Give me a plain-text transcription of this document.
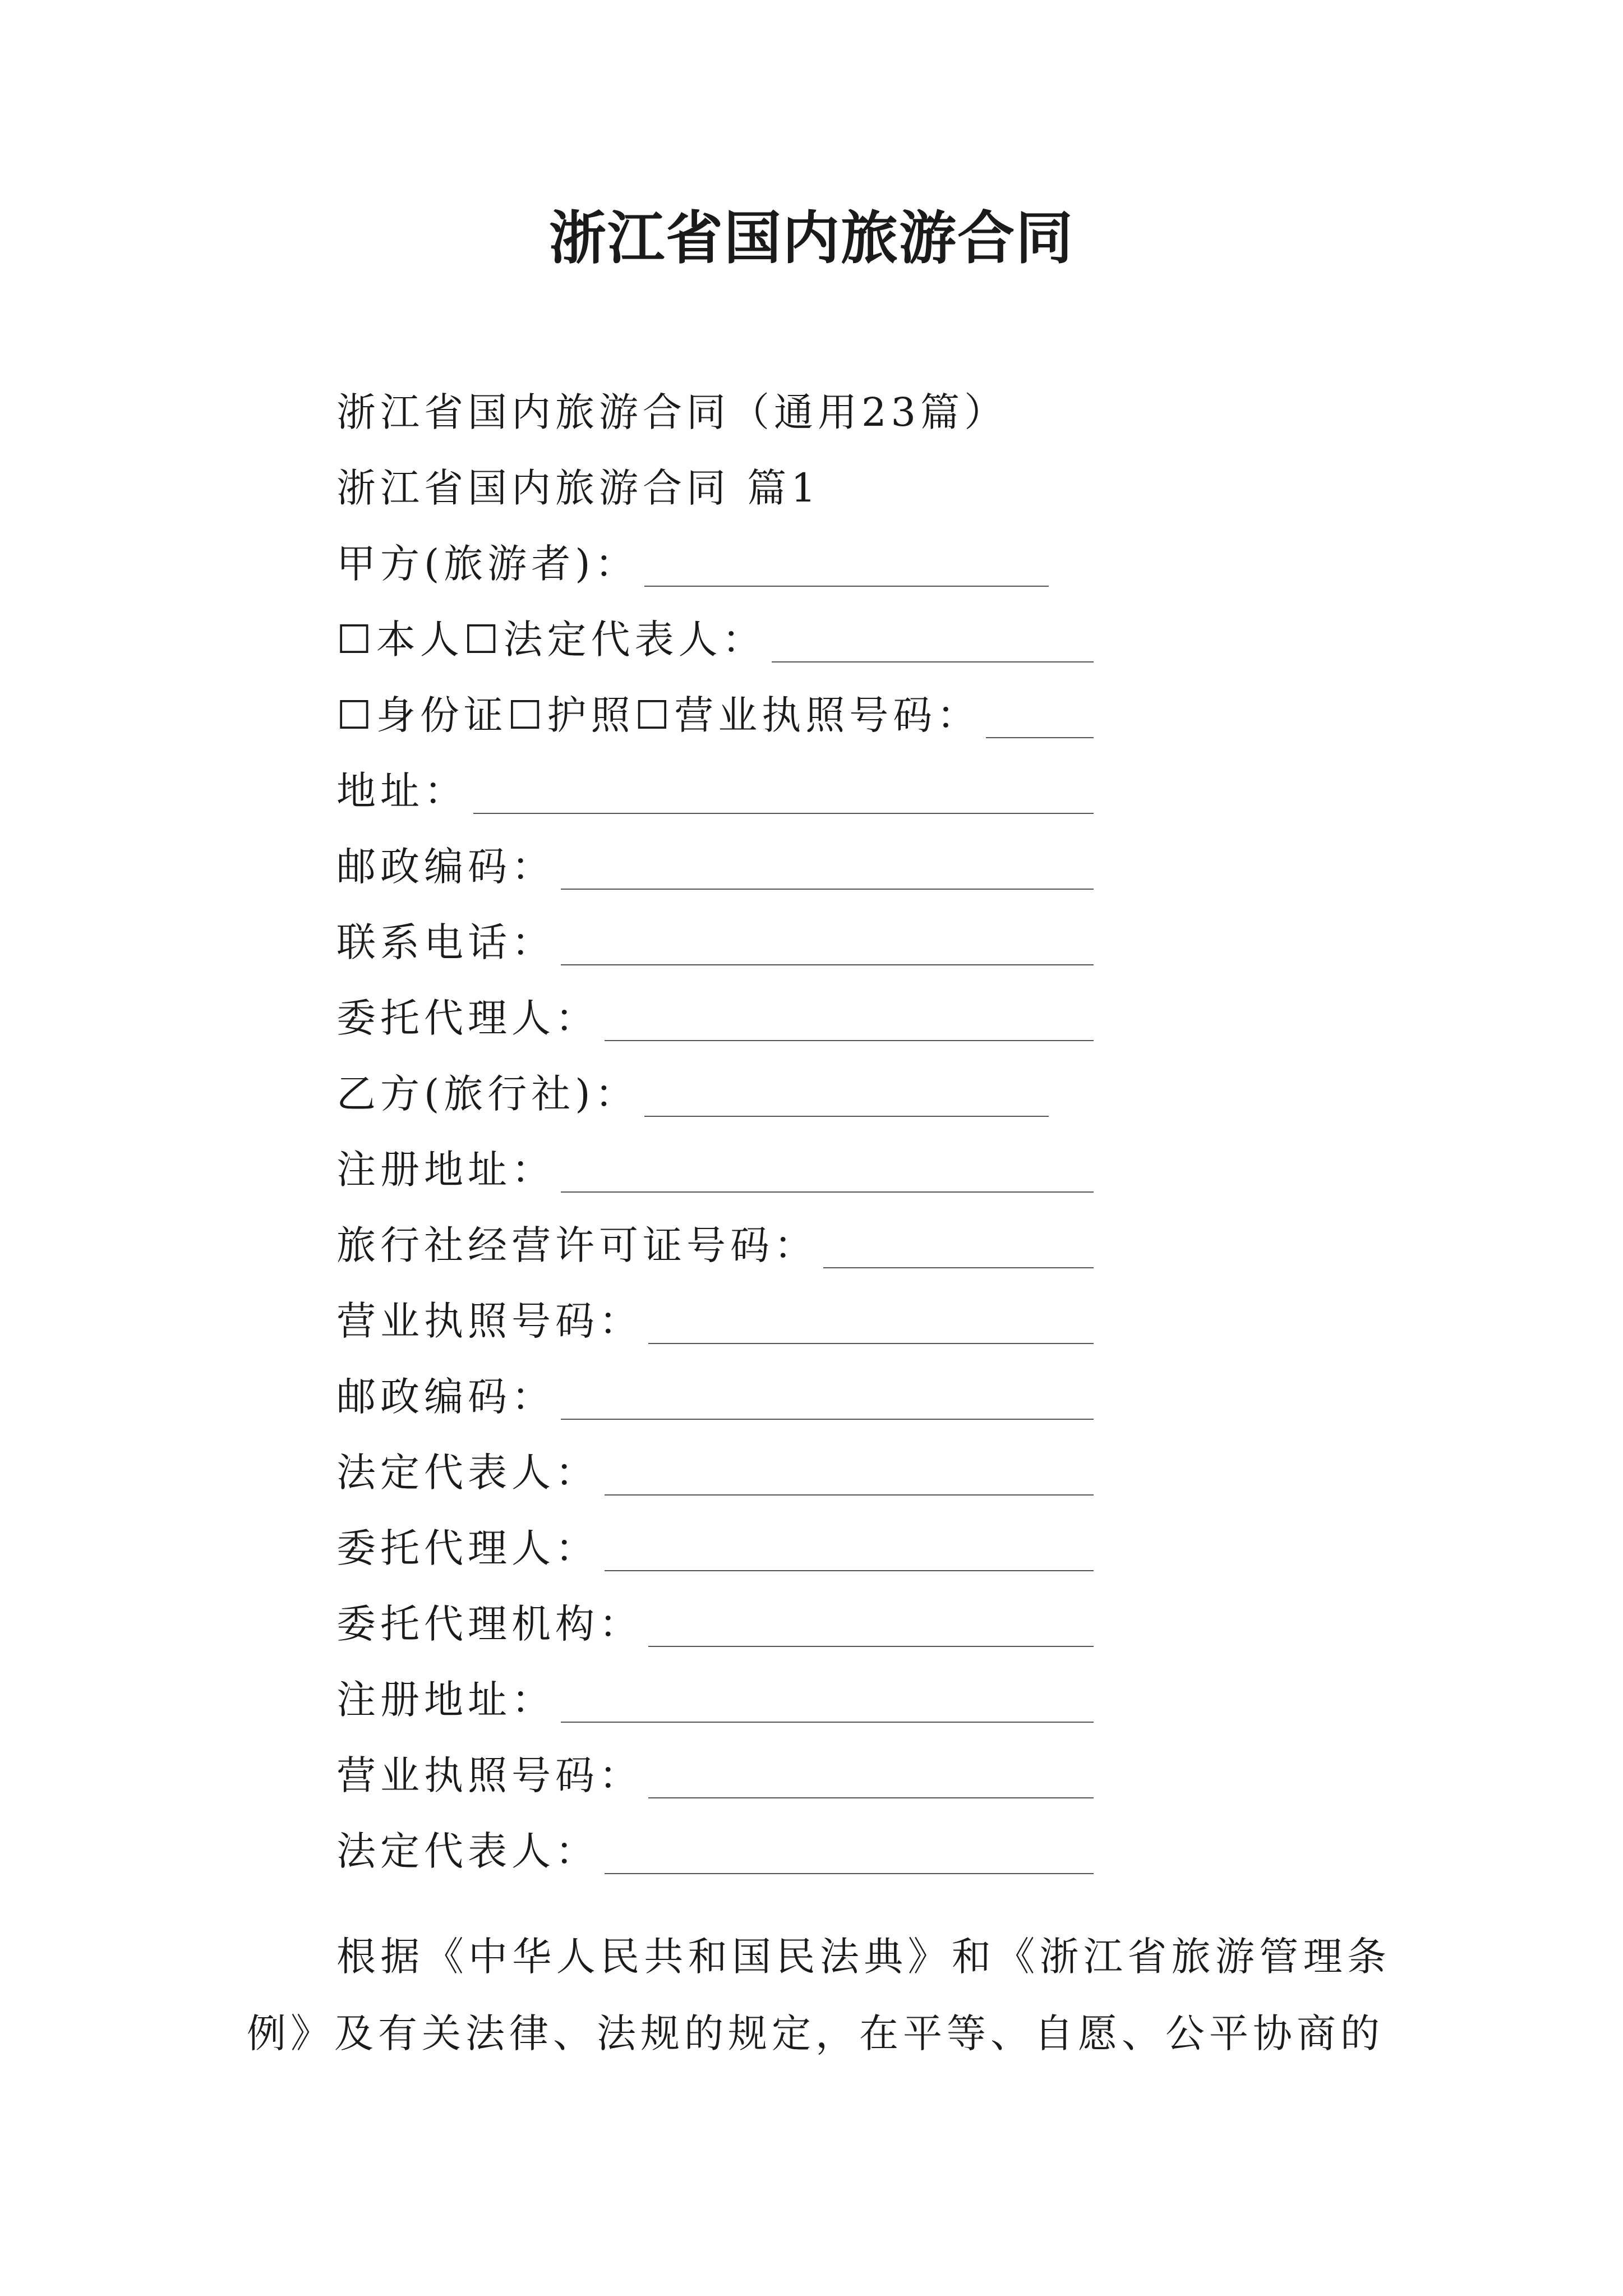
浙江省国内旅游合同
浙江省国内旅游合同（通用23篇）
浙江省国内旅游合同 篇1
甲方(旅游者)：
☐本人☐法定代表人：
☐身份证☐护照☐营业执照号码：
地址：
邮政编码：
联系电话：
委托代理人：
乙方(旅行社)：
注册地址：
旅行社经营许可证号码：
营业执照号码：
邮政编码：
法定代表人：
委托代理人：
委托代理机构：
注册地址：
营业执照号码：
法定代表人：
根据《中华人民共和国民法典》和《浙江省旅游管理条例》及有关法律、法规的规定，在平等、自愿、公平协商的
